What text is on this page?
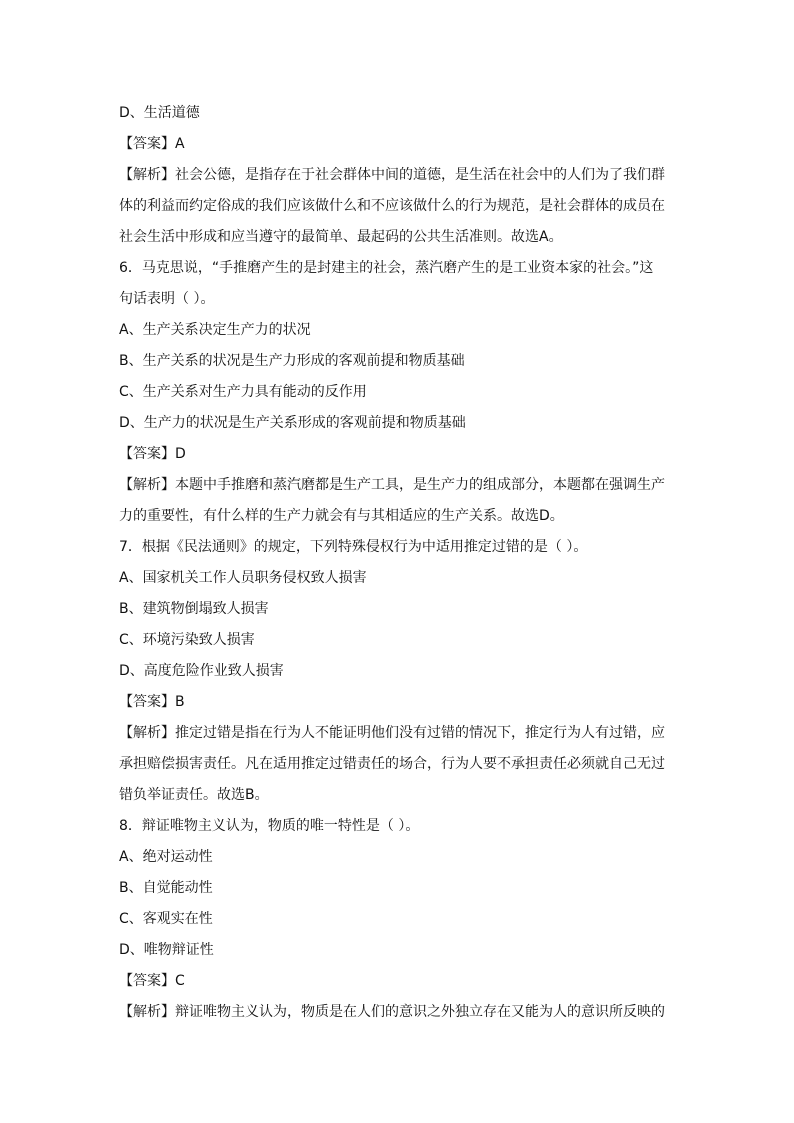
D、生活道德
【答案】A
【解析】社会公德，是指存在于社会群体中间的道德，是生活在社会中的人们为了我们群
体的利益而约定俗成的我们应该做什么和不应该做什么的行为规范，是社会群体的成员在
社会生活中形成和应当遵守的最简单、最起码的公共生活准则。故选A。
6．马克思说，“手推磨产生的是封建主的社会，蒸汽磨产生的是工业资本家的社会。”这
句话表明（ ）。
A、生产关系决定生产力的状况
B、生产关系的状况是生产力形成的客观前提和物质基础
C、生产关系对生产力具有能动的反作用
D、生产力的状况是生产关系形成的客观前提和物质基础
【答案】D
【解析】本题中手推磨和蒸汽磨都是生产工具，是生产力的组成部分，本题都在强调生产
力的重要性，有什么样的生产力就会有与其相适应的生产关系。故选D。
7．根据《民法通则》的规定，下列特殊侵权行为中适用推定过错的是（ ）。
A、国家机关工作人员职务侵权致人损害
B、建筑物倒塌致人损害
C、环境污染致人损害
D、高度危险作业致人损害
【答案】B
【解析】推定过错是指在行为人不能证明他们没有过错的情况下，推定行为人有过错，应
承担赔偿损害责任。凡在适用推定过错责任的场合，行为人要不承担责任必须就自己无过
错负举证责任。故选B。
8．辩证唯物主义认为，物质的唯一特性是（ ）。
A、绝对运动性
B、自觉能动性
C、客观实在性
D、唯物辩证性
【答案】C
【解析】辩证唯物主义认为，物质是在人们的意识之外独立存在又能为人的意识所反映的
